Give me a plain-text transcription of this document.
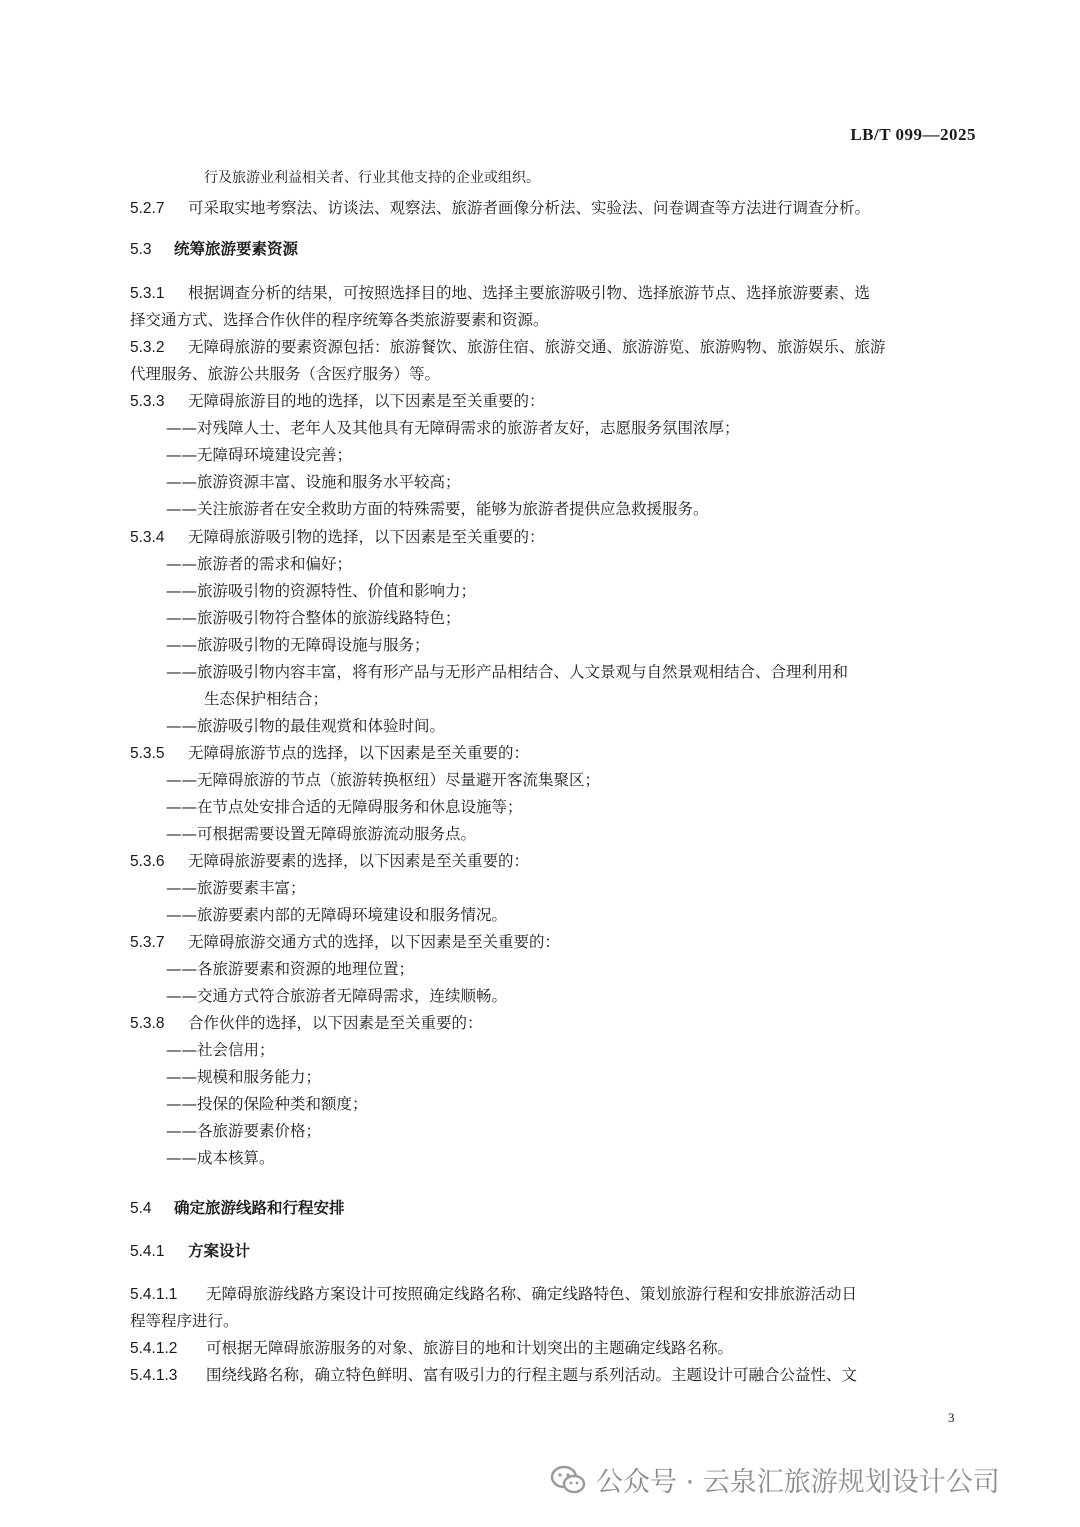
LB/T 099—2025
行及旅游业利益相关者、行业其他支持的企业或组织。
5.2.7 可采取实地考察法、访谈法、观察法、旅游者画像分析法、实验法、问卷调查等方法进行调查分析。
5.3 统筹旅游要素资源
5.3.1 根据调查分析的结果，可按照选择目的地、选择主要旅游吸引物、选择旅游节点、选择旅游要素、选
择交通方式、选择合作伙伴的程序统筹各类旅游要素和资源。
5.3.2 无障碍旅游的要素资源包括：旅游餐饮、旅游住宿、旅游交通、旅游游览、旅游购物、旅游娱乐、旅游
代理服务、旅游公共服务（含医疗服务）等。
5.3.3 无障碍旅游目的地的选择，以下因素是至关重要的：
——对残障人士、老年人及其他具有无障碍需求的旅游者友好，志愿服务氛围浓厚；
——无障碍环境建设完善；
——旅游资源丰富、设施和服务水平较高；
——关注旅游者在安全救助方面的特殊需要，能够为旅游者提供应急救援服务。
5.3.4 无障碍旅游吸引物的选择，以下因素是至关重要的：
——旅游者的需求和偏好；
——旅游吸引物的资源特性、价值和影响力；
——旅游吸引物符合整体的旅游线路特色；
——旅游吸引物的无障碍设施与服务；
——旅游吸引物内容丰富，将有形产品与无形产品相结合、人文景观与自然景观相结合、合理利用和
生态保护相结合；
——旅游吸引物的最佳观赏和体验时间。
5.3.5 无障碍旅游节点的选择，以下因素是至关重要的：
——无障碍旅游的节点（旅游转换枢纽）尽量避开客流集聚区；
——在节点处安排合适的无障碍服务和休息设施等；
——可根据需要设置无障碍旅游流动服务点。
5.3.6 无障碍旅游要素的选择，以下因素是至关重要的：
——旅游要素丰富；
——旅游要素内部的无障碍环境建设和服务情况。
5.3.7 无障碍旅游交通方式的选择，以下因素是至关重要的：
——各旅游要素和资源的地理位置；
——交通方式符合旅游者无障碍需求，连续顺畅。
5.3.8 合作伙伴的选择，以下因素是至关重要的：
——社会信用；
——规模和服务能力；
——投保的保险种类和额度；
——各旅游要素价格；
——成本核算。
5.4 确定旅游线路和行程安排
5.4.1 方案设计
5.4.1.1 无障碍旅游线路方案设计可按照确定线路名称、确定线路特色、策划旅游行程和安排旅游活动日
程等程序进行。
5.4.1.2 可根据无障碍旅游服务的对象、旅游目的地和计划突出的主题确定线路名称。
5.4.1.3 围绕线路名称，确立特色鲜明、富有吸引力的行程主题与系列活动。主题设计可融合公益性、文
3
公众号 · 云泉汇旅游规划设计公司
